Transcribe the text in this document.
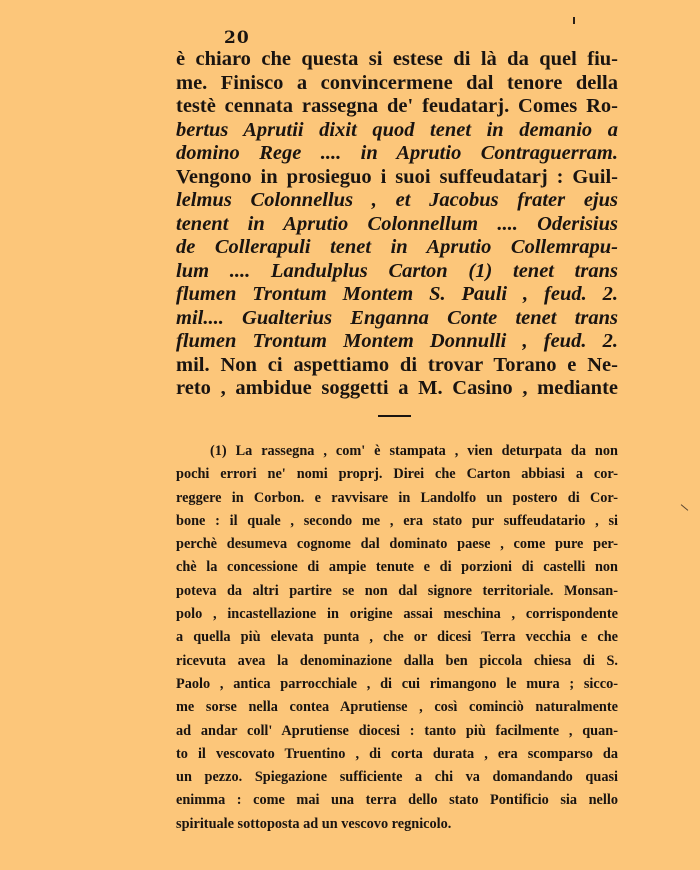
20
è chiaro che questa si estese di là da quel fiu-
me. Finisco a convincermene dal tenore della
testè cennata rassegna de' feudatarj. Comes Ro-
bertus Aprutii dixit quod tenet in demanio a
domino Rege .... in Aprutio Contraguerram.
Vengono in prosieguo i suoi suffeudatarj : Guil-
lelmus Colonnellus , et Jacobus frater ejus
tenent in Aprutio Colonnellum .... Oderisius
de Collerapuli tenet in Aprutio Collemrapu-
lum .... Landulplus Carton (1) tenet trans
flumen Trontum Montem S. Pauli , feud. 2.
mil.... Gualterius Enganna Conte tenet trans
flumen Trontum Montem Donnulli , feud. 2.
mil. Non ci aspettiamo di trovar Torano e Ne-
reto , ambidue soggetti a M. Casino , mediante
(1) La rassegna , com' è stampata , vien deturpata da non
pochi errori ne' nomi proprj. Direi che Carton abbiasi a cor-
reggere in Corbon. e ravvisare in Landolfo un postero di Cor-
bone : il quale , secondo me , era stato pur suffeudatario , si
perchè desumeva cognome dal dominato paese , come pure per-
chè la concessione di ampie tenute e di porzioni di castelli non
poteva da altri partire se non dal signore territoriale. Monsan-
polo , incastellazione in origine assai meschina , corrispondente
a quella più elevata punta , che or dicesi Terra vecchia e che
ricevuta avea la denominazione dalla ben piccola chiesa di S.
Paolo , antica parrocchiale , di cui rimangono le mura ; sicco-
me sorse nella contea Aprutiense , così cominciò naturalmente
ad andar coll' Aprutiense diocesi : tanto più facilmente , quan-
to il vescovato Truentino , di corta durata , era scomparso da
un pezzo. Spiegazione sufficiente a chi va domandando quasi
enimma : come mai una terra dello stato Pontificio sia nello
spirituale sottoposta ad un vescovo regnicolo.
